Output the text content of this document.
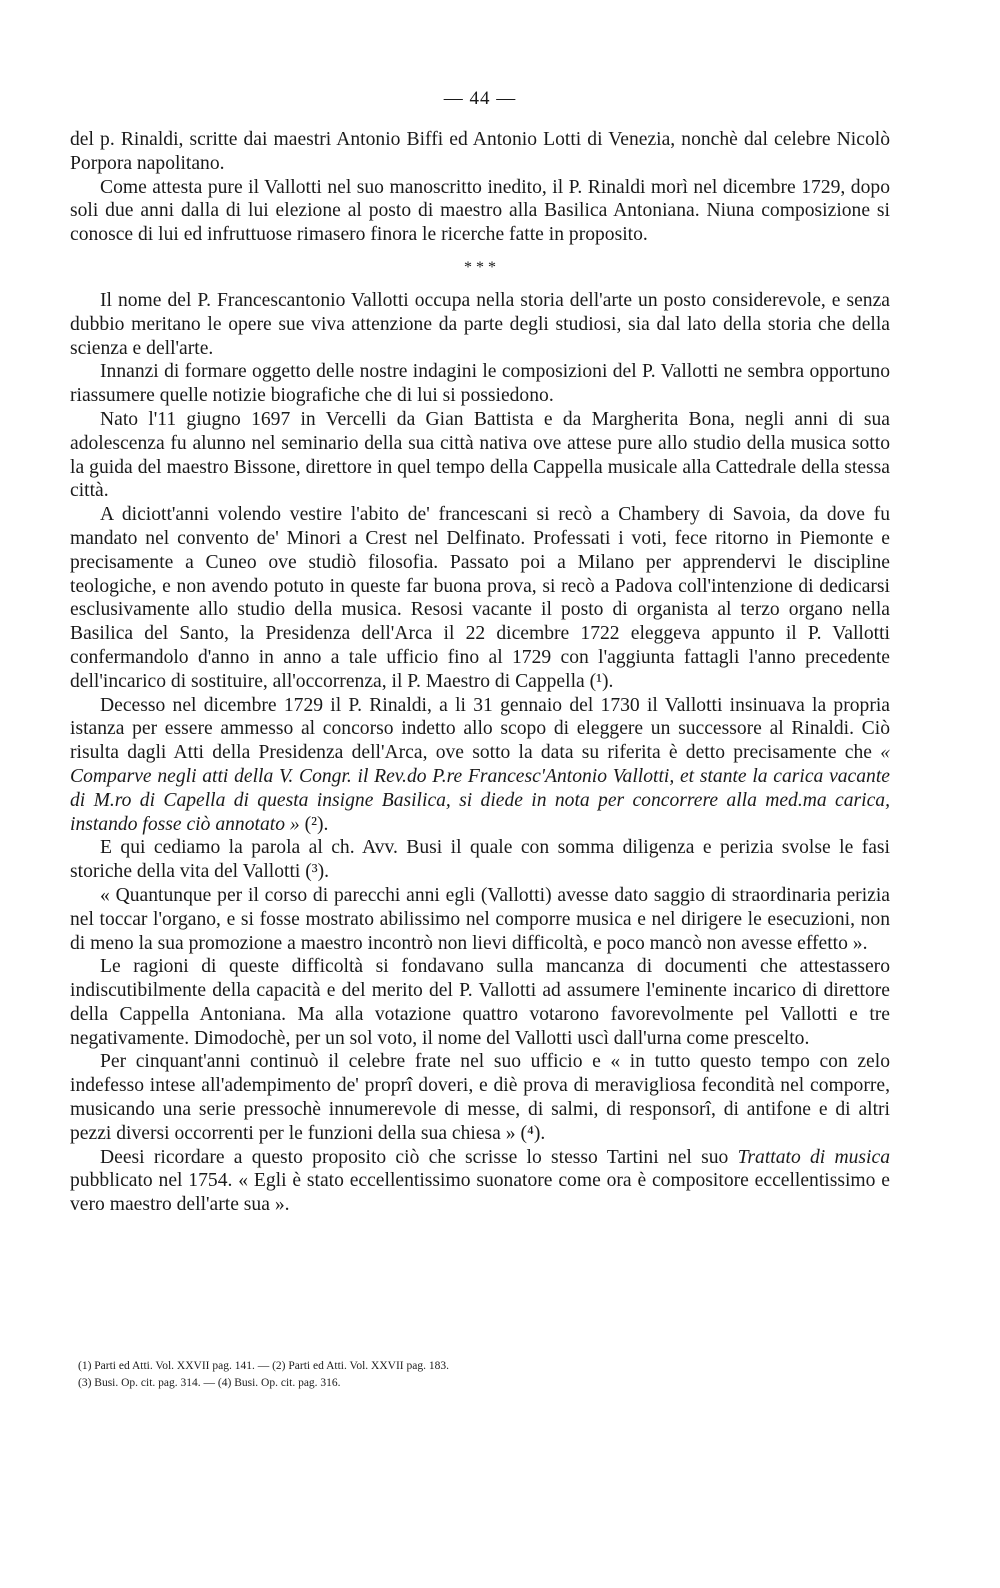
— 44 —

del p. Rinaldi, scritte dai maestri Antonio Biffi ed Antonio Lotti di Venezia, nonchè dal celebre Nicolò Porpora napolitano.

Come attesta pure il Vallotti nel suo manoscritto inedito, il P. Rinaldi morì nel dicembre 1729, dopo soli due anni dalla di lui elezione al posto di maestro alla Basilica Antoniana. Niuna composizione si conosce di lui ed infruttuose rimasero finora le ricerche fatte in proposito.

* * *

Il nome del P. Francescantonio Vallotti occupa nella storia dell'arte un posto considerevole, e senza dubbio meritano le opere sue viva attenzione da parte degli studiosi, sia dal lato della storia che della scienza e dell'arte.

Innanzi di formare oggetto delle nostre indagini le composizioni del P. Vallotti ne sembra opportuno riassumere quelle notizie biografiche che di lui si possiedono.

Nato l'11 giugno 1697 in Vercelli da Gian Battista e da Margherita Bona, negli anni di sua adolescenza fu alunno nel seminario della sua città nativa ove attese pure allo studio della musica sotto la guida del maestro Bissone, direttore in quel tempo della Cappella musicale alla Cattedrale della stessa città.

A diciott'anni volendo vestire l'abito de' francescani si recò a Chambery di Savoia, da dove fu mandato nel convento de' Minori a Crest nel Delfinato. Professati i voti, fece ritorno in Piemonte e precisamente a Cuneo ove studiò filosofia. Passato poi a Milano per apprendervi le discipline teologiche, e non avendo potuto in queste far buona prova, si recò a Padova coll'intenzione di dedicarsi esclusivamente allo studio della musica. Resosi vacante il posto di organista al terzo organo nella Basilica del Santo, la Presidenza dell'Arca il 22 dicembre 1722 eleggeva appunto il P. Vallotti confermandolo d'anno in anno a tale ufficio fino al 1729 con l'aggiunta fattagli l'anno precedente dell'incarico di sostituire, all'occorrenza, il P. Maestro di Cappella (¹).

Decesso nel dicembre 1729 il P. Rinaldi, a li 31 gennaio del 1730 il Vallotti insinuava la propria istanza per essere ammesso al concorso indetto allo scopo di eleggere un successore al Rinaldi. Ciò risulta dagli Atti della Presidenza dell'Arca, ove sotto la data su riferita è detto precisamente che « Comparve negli atti della V. Congr. il Rev.do P.re Francesc'Antonio Vallotti, et stante la carica vacante di M.ro di Capella di questa insigne Basilica, si diede in nota per concorrere alla med.ma carica, instando fosse ciò annotato » (²).

E qui cediamo la parola al ch. Avv. Busi il quale con somma diligenza e perizia svolse le fasi storiche della vita del Vallotti (³).

« Quantunque per il corso di parecchi anni egli (Vallotti) avesse dato saggio di straordinaria perizia nel toccar l'organo, e si fosse mostrato abilissimo nel comporre musica e nel dirigere le esecuzioni, non di meno la sua promozione a maestro incontrò non lievi difficoltà, e poco mancò non avesse effetto ».

Le ragioni di queste difficoltà si fondavano sulla mancanza di documenti che attestassero indiscutibilmente della capacità e del merito del P. Vallotti ad assumere l'eminente incarico di direttore della Cappella Antoniana. Ma alla votazione quattro votarono favorevolmente pel Vallotti e tre negativamente. Dimodochè, per un sol voto, il nome del Vallotti uscì dall'urna come prescelto.

Per cinquant'anni continuò il celebre frate nel suo ufficio e « in tutto questo tempo con zelo indefesso intese all'adempimento de' proprî doveri, e diè prova di meravigliosa fecondità nel comporre, musicando una serie pressochè innumerevole di messe, di salmi, di responsorî, di antifone e di altri pezzi diversi occorrenti per le funzioni della sua chiesa » (⁴).

Deesi ricordare a questo proposito ciò che scrisse lo stesso Tartini nel suo Trattato di musica pubblicato nel 1754. « Egli è stato eccellentissimo suonatore come ora è compositore eccellentissimo e vero maestro dell'arte sua ».

(1) Parti ed Atti. Vol. XXVII pag. 141. — (2) Parti ed Atti. Vol. XXVII pag. 183.
(3) Busi. Op. cit. pag. 314. — (4) Busi. Op. cit. pag. 316.
